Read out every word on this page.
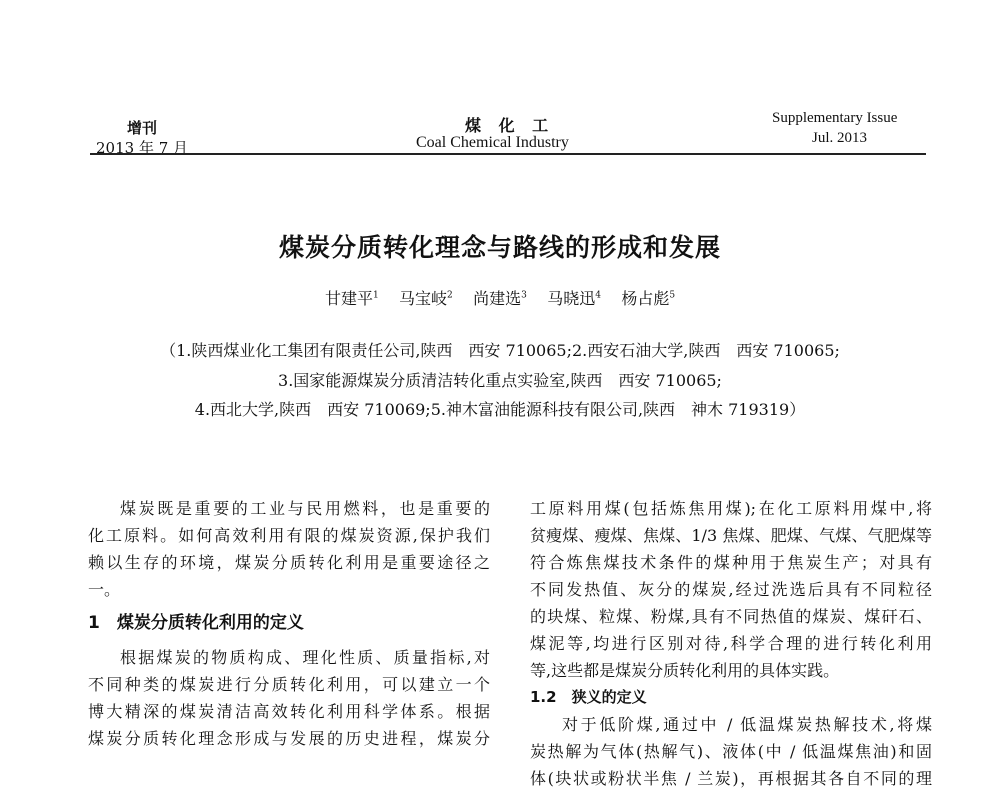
增刊
2013 年 7 月
煤 化 工
Coal Chemical Industry
Supplementary Issue
Jul. 2013
煤炭分质转化理念与路线的形成和发展
甘建平$^1$ 马宝岐$^2$ 尚建选$^3$ 马晓迅$^4$ 杨占彪$^5$
（1.陕西煤业化工集团有限责任公司,陕西　西安 710065;2.西安石油大学,陕西　西安 710065;
3.国家能源煤炭分质清洁转化重点实验室,陕西　西安 710065;
4.西北大学,陕西　西安 710069;5.神木富油能源科技有限公司,陕西　神木 719319）
煤炭既是重要的工业与民用燃料，也是重要的
化工原料。如何高效利用有限的煤炭资源,保护我们
赖以生存的环境，煤炭分质转化利用是重要途径之
一。
1　煤炭分质转化利用的定义
根据煤炭的物质构成、理化性质、质量指标,对
不同种类的煤炭进行分质转化利用，可以建立一个
博大精深的煤炭清洁高效转化利用科学体系。根据
煤炭分质转化理念形成与发展的历史进程，煤炭分
工原料用煤(包括炼焦用煤);在化工原料用煤中,将
贫瘦煤、瘦煤、焦煤、1/3 焦煤、肥煤、气煤、气肥煤等
符合炼焦煤技术条件的煤种用于焦炭生产；对具有
不同发热值、灰分的煤炭,经过洗选后具有不同粒径
的块煤、粒煤、粉煤,具有不同热值的煤炭、煤矸石、
煤泥等,均进行区别对待,科学合理的进行转化利用
等,这些都是煤炭分质转化利用的具体实践。
1.2　狭义的定义
对于低阶煤,通过中 / 低温煤炭热解技术,将煤
炭热解为气体(热解气)、液体(中 / 低温煤焦油)和固
体(块状或粉状半焦 / 兰炭)，再根据其各自不同的理
